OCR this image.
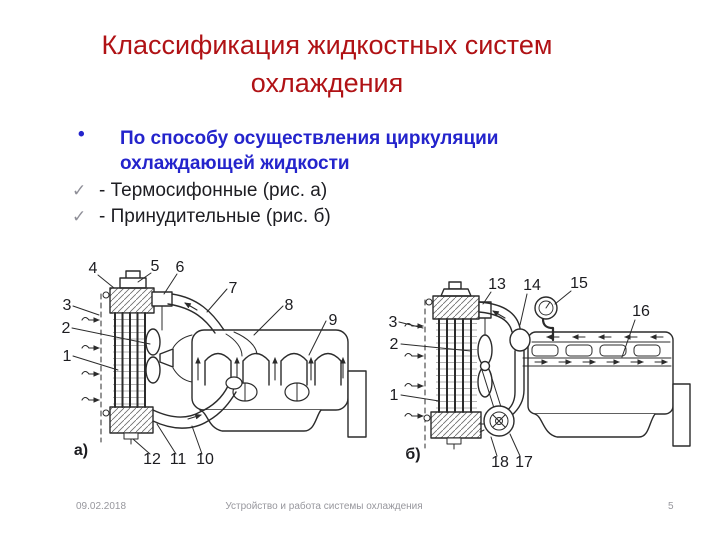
Классификация жидкостных систем
охлаждения
• По способу осуществления циркуляции
охлаждающей жидкости
✓ - Термосифонные (рис. а)
✓ - Принудительные (рис. б)
1
2
3
4	5 6
7
8
9
10
11
12
а)
1
2
3
13 14 15
16
17
18
б)
09.02.2018	Устройство и работа системы охлаждения	5
